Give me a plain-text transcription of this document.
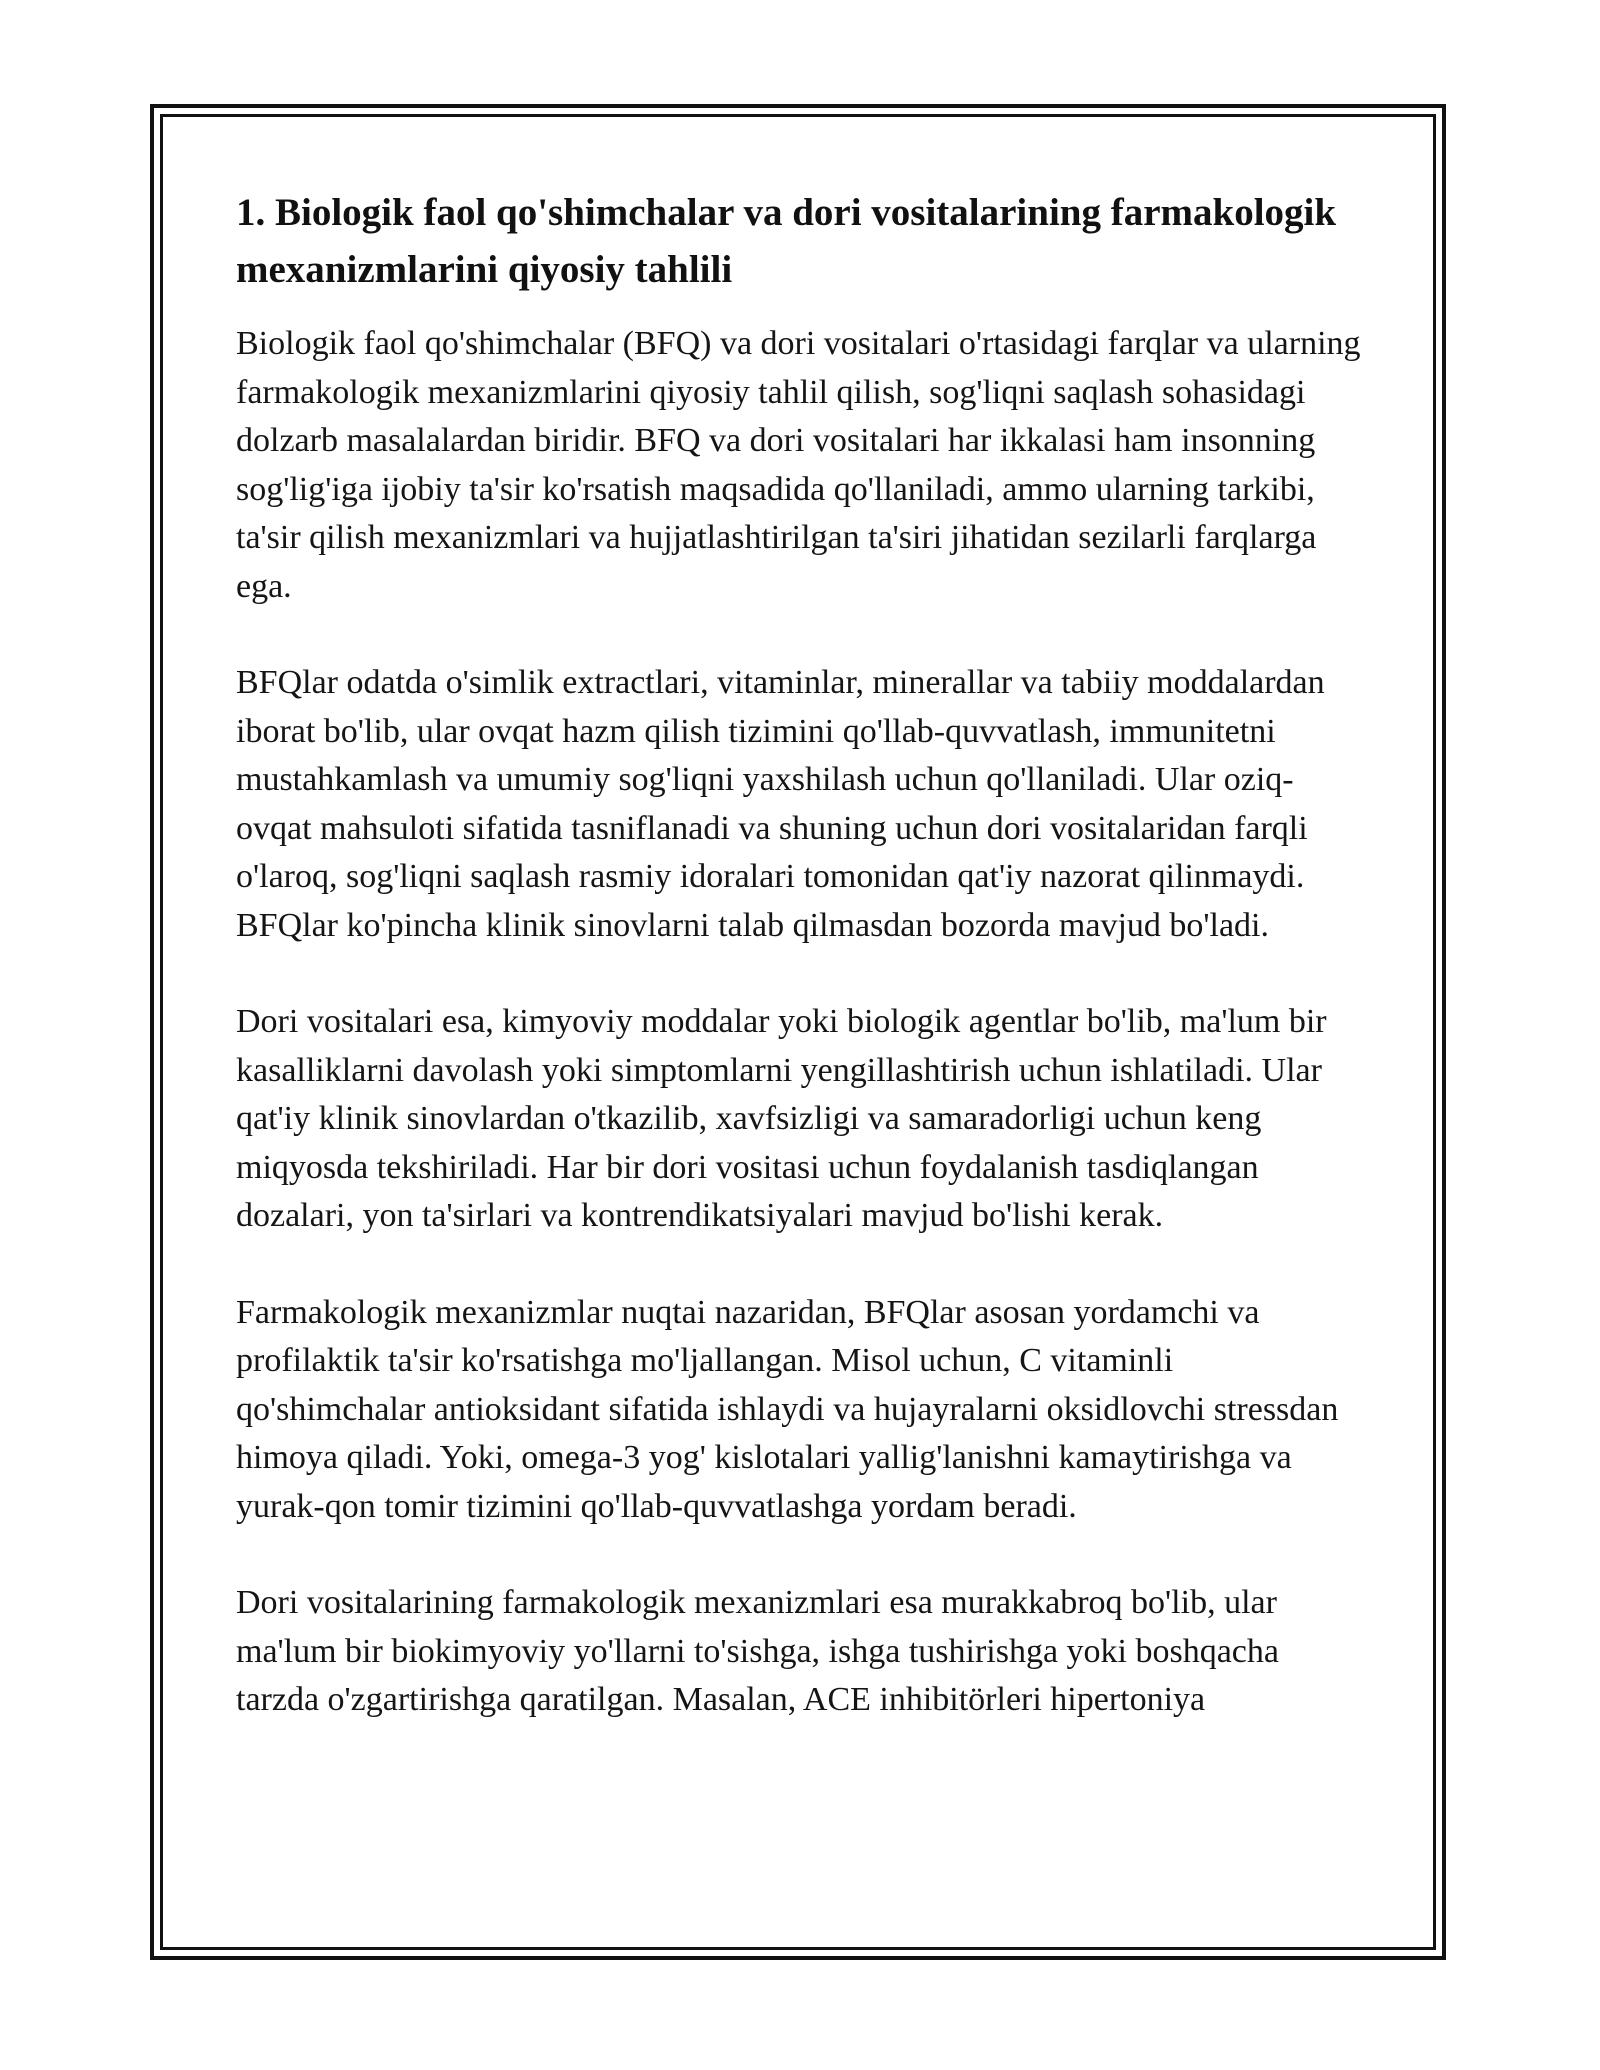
1. Biologik faol qo'shimchalar va dori vositalarining farmakologik mexanizmlarini qiyosiy tahlili

Biologik faol qo'shimchalar (BFQ) va dori vositalari o'rtasidagi farqlar va ularning farmakologik mexanizmlarini qiyosiy tahlil qilish, sog'liqni saqlash sohasidagi dolzarb masalalardan biridir. BFQ va dori vositalari har ikkalasi ham insonning sog'lig'iga ijobiy ta'sir ko'rsatish maqsadida qo'llaniladi, ammo ularning tarkibi, ta'sir qilish mexanizmlari va hujjatlashtirilgan ta'siri jihatidan sezilarli farqlarga ega.

BFQlar odatda o'simlik extractlari, vitaminlar, minerallar va tabiiy moddalardan iborat bo'lib, ular ovqat hazm qilish tizimini qo'llab-quvvatlash, immunitetni mustahkamlash va umumiy sog'liqni yaxshilash uchun qo'llaniladi. Ular oziq-ovqat mahsuloti sifatida tasniflanadi va shuning uchun dori vositalaridan farqli o'laroq, sog'liqni saqlash rasmiy idoralari tomonidan qat'iy nazorat qilinmaydi. BFQlar ko'pincha klinik sinovlarni talab qilmasdan bozorda mavjud bo'ladi.

Dori vositalari esa, kimyoviy moddalar yoki biologik agentlar bo'lib, ma'lum bir kasalliklarni davolash yoki simptomlarni yengillashtirish uchun ishlatiladi. Ular qat'iy klinik sinovlardan o'tkazilib, xavfsizligi va samaradorligi uchun keng miqyosda tekshiriladi. Har bir dori vositasi uchun foydalanish tasdiqlangan dozalari, yon ta'sirlari va kontrendikatsiyalari mavjud bo'lishi kerak.

Farmakologik mexanizmlar nuqtai nazaridan, BFQlar asosan yordamchi va profilaktik ta'sir ko'rsatishga mo'ljallangan. Misol uchun, C vitaminli qo'shimchalar antioksidant sifatida ishlaydi va hujayralarni oksidlovchi stressdan himoya qiladi. Yoki, omega-3 yog' kislotalari yallig'lanishni kamaytirishga va yurak-qon tomir tizimini qo'llab-quvvatlashga yordam beradi.

Dori vositalarining farmakologik mexanizmlari esa murakkabroq bo'lib, ular ma'lum bir biokimyoviy yo'llarni to'sishga, ishga tushirishga yoki boshqacha tarzda o'zgartirishga qaratilgan. Masalan, ACE inhibitörleri hipertoniya
